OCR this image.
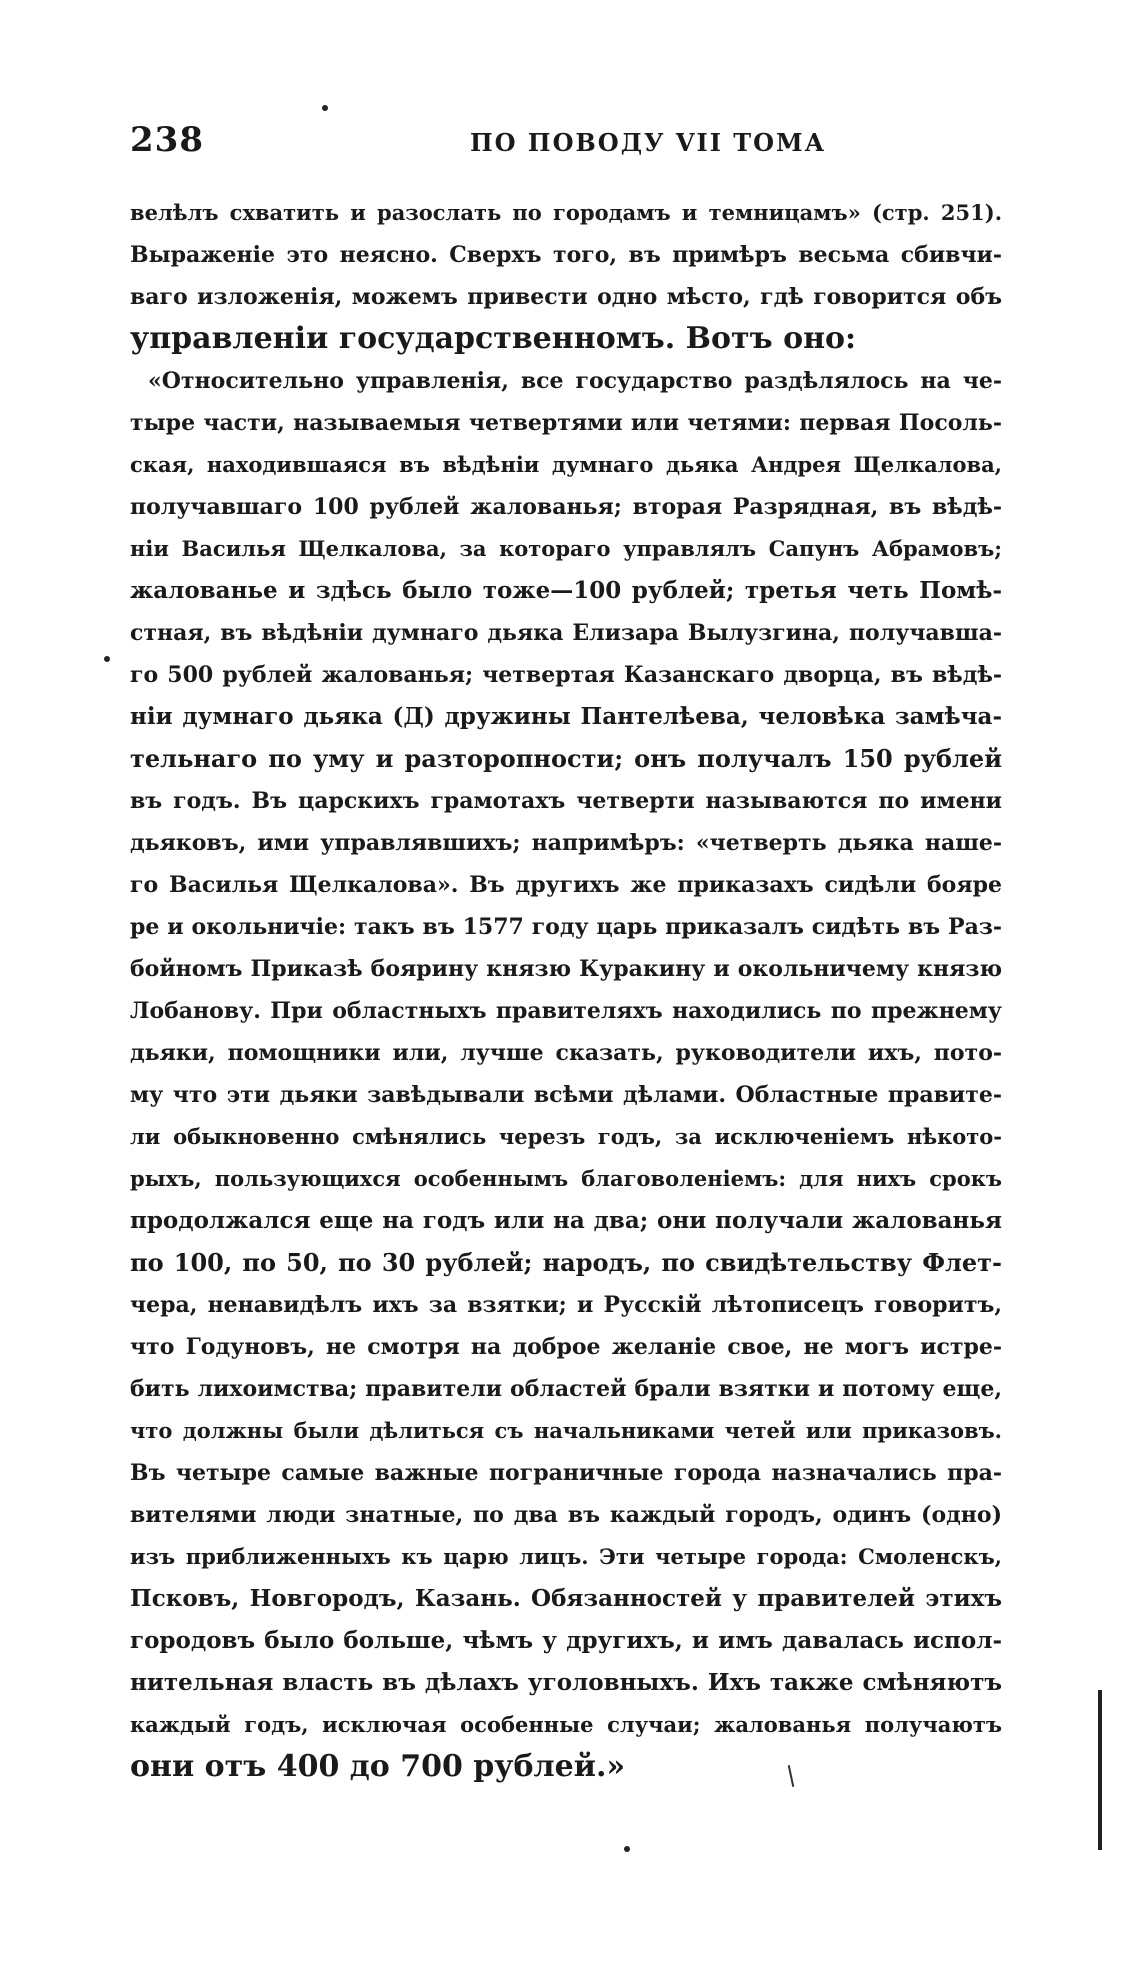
238	ПО ПОВОДУ VII ТОМА
велѣлъ схватить и разослать по городамъ и темницамъ» (стр. 251).
Выраженіе это неясно. Сверхъ того, въ примѣръ весьма сбивчи-
ваго изложенія, можемъ привести одно мѣсто, гдѣ говорится объ
управленіи государственномъ. Вотъ оно:
«Относительно управленія, все государство раздѣлялось на че-
тыре части, называемыя четвертями или четями: первая Посоль-
ская, находившаяся въ вѣдѣніи думнаго дьяка Андрея Щелкалова,
получавшаго 100 рублей жалованья; вторая Разрядная, въ вѣдѣ-
ніи Василья Щелкалова, за котораго управлялъ Сапунъ Абрамовъ;
жалованье и здѣсь было тоже—100 рублей; третья четь Помѣ-
стная, въ вѣдѣніи думнаго дьяка Елизара Вылузгина, получавша-
го 500 рублей жалованья; четвертая Казанскаго дворца, въ вѣдѣ-
ніи думнаго дьяка (Д) дружины Пантелѣева, человѣка замѣча-
тельнаго по уму и разторопности; онъ получалъ 150 рублей
въ годъ. Въ царскихъ грамотахъ четверти называются по имени
дьяковъ, ими управлявшихъ; напримѣръ: «четверть дьяка наше-
го Василья Щелкалова». Въ другихъ же приказахъ сидѣли бояре
ре и окольничіе: такъ въ 1577 году царь приказалъ сидѣть въ Раз-
бойномъ Приказѣ боярину князю Куракину и окольничему князю
Лобанову. При областныхъ правителяхъ находились по прежнему
дьяки, помощники или, лучше сказать, руководители ихъ, пото-
му что эти дьяки завѣдывали всѣми дѣлами. Областные правите-
ли обыкновенно смѣнялись черезъ годъ, за исключеніемъ нѣкото-
рыхъ, пользующихся особеннымъ благоволеніемъ: для нихъ срокъ
продолжался еще на годъ или на два; они получали жалованья
по 100, по 50, по 30 рублей; народъ, по свидѣтельству Флет-
чера, ненавидѣлъ ихъ за взятки; и Русскій лѣтописецъ говоритъ,
что Годуновъ, не смотря на доброе желаніе свое, не могъ истре-
бить лихоимства; правители областей брали взятки и потому еще,
что должны были дѣлиться съ начальниками четей или приказовъ.
Въ четыре самые важные пограничные города назначались пра-
вителями люди знатные, по два въ каждый городъ, одинъ (одно)
изъ приближенныхъ къ царю лицъ. Эти четыре города: Смоленскъ,
Псковъ, Новгородъ, Казань. Обязанностей у правителей этихъ
городовъ было больше, чѣмъ у другихъ, и имъ давалась испол-
нительная власть въ дѣлахъ уголовныхъ. Ихъ также смѣняютъ
каждый годъ, исключая особенные случаи; жалованья получаютъ
они отъ 400 до 700 рублей.»
